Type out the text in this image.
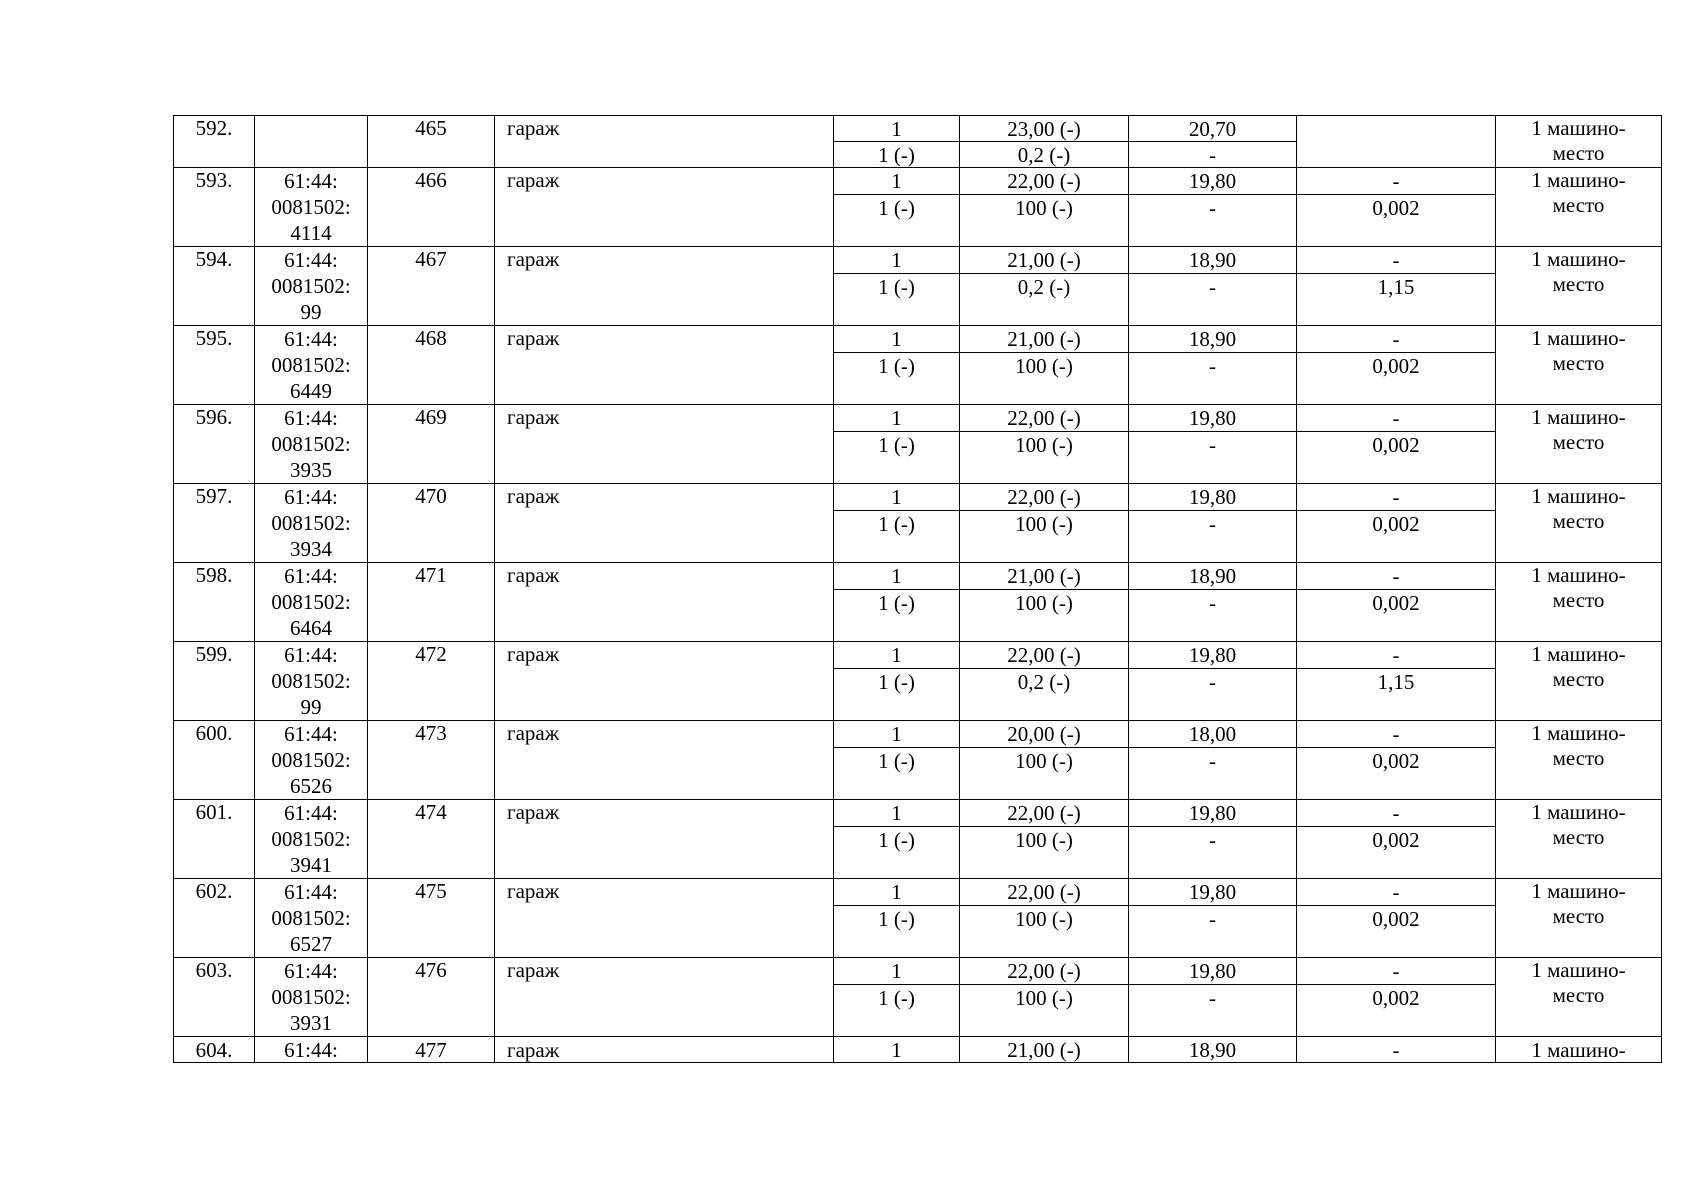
592.		465	гараж	1	23,00 (-)	20,70		1 машино-
место
				1 (-)	0,2 (-)	-		
593.	61:44:
0081502:
4114	466	гараж	1	22,00 (-)	19,80	-	1 машино-
место
				1 (-)	100 (-)	-	0,002	
594.	61:44:
0081502:
99	467	гараж	1	21,00 (-)	18,90	-	1 машино-
место
				1 (-)	0,2 (-)	-	1,15	
595.	61:44:
0081502:
6449	468	гараж	1	21,00 (-)	18,90	-	1 машино-
место
				1 (-)	100 (-)	-	0,002	
596.	61:44:
0081502:
3935	469	гараж	1	22,00 (-)	19,80	-	1 машино-
место
				1 (-)	100 (-)	-	0,002	
597.	61:44:
0081502:
3934	470	гараж	1	22,00 (-)	19,80	-	1 машино-
место
				1 (-)	100 (-)	-	0,002	
598.	61:44:
0081502:
6464	471	гараж	1	21,00 (-)	18,90	-	1 машино-
место
				1 (-)	100 (-)	-	0,002	
599.	61:44:
0081502:
99	472	гараж	1	22,00 (-)	19,80	-	1 машино-
место
				1 (-)	0,2 (-)	-	1,15	
600.	61:44:
0081502:
6526	473	гараж	1	20,00 (-)	18,00	-	1 машино-
место
				1 (-)	100 (-)	-	0,002	
601.	61:44:
0081502:
3941	474	гараж	1	22,00 (-)	19,80	-	1 машино-
место
				1 (-)	100 (-)	-	0,002	
602.	61:44:
0081502:
6527	475	гараж	1	22,00 (-)	19,80	-	1 машино-
место
				1 (-)	100 (-)	-	0,002	
603.	61:44:
0081502:
3931	476	гараж	1	22,00 (-)	19,80	-	1 машино-
место
				1 (-)	100 (-)	-	0,002	
604.	61:44:	477	гараж	1	21,00 (-)	18,90	-	1 машино-
